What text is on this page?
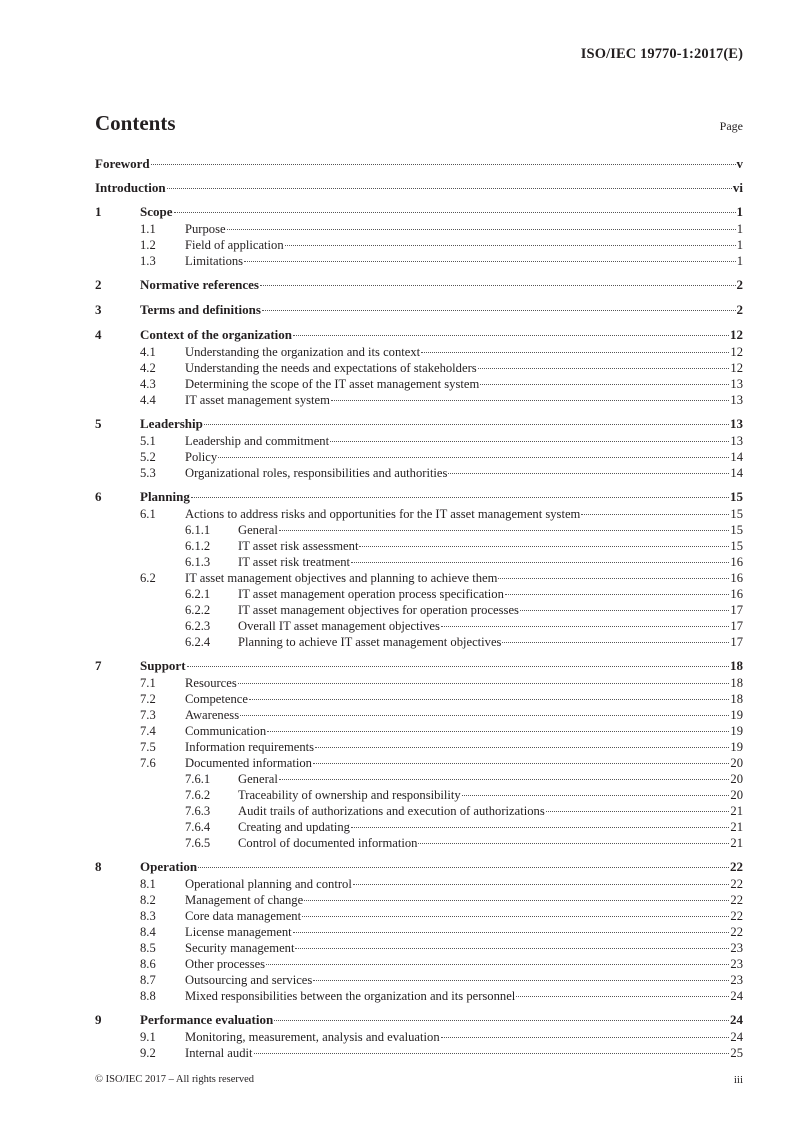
ISO/IEC 19770-1:2017(E)
Contents	Page
Foreword	v
Introduction	vi
1	Scope	1
1.1	Purpose	1
1.2	Field of application	1
1.3	Limitations	1
2	Normative references	2
3	Terms and definitions	2
4	Context of the organization	12
4.1	Understanding the organization and its context	12
4.2	Understanding the needs and expectations of stakeholders	12
4.3	Determining the scope of the IT asset management system	13
4.4	IT asset management system	13
5	Leadership	13
5.1	Leadership and commitment	13
5.2	Policy	14
5.3	Organizational roles, responsibilities and authorities	14
6	Planning	15
6.1	Actions to address risks and opportunities for the IT asset management system	15
6.1.1	General	15
6.1.2	IT asset risk assessment	15
6.1.3	IT asset risk treatment	16
6.2	IT asset management objectives and planning to achieve them	16
6.2.1	IT asset management operation process specification	16
6.2.2	IT asset management objectives for operation processes	17
6.2.3	Overall IT asset management objectives	17
6.2.4	Planning to achieve IT asset management objectives	17
7	Support	18
7.1	Resources	18
7.2	Competence	18
7.3	Awareness	19
7.4	Communication	19
7.5	Information requirements	19
7.6	Documented information	20
7.6.1	General	20
7.6.2	Traceability of ownership and responsibility	20
7.6.3	Audit trails of authorizations and execution of authorizations	21
7.6.4	Creating and updating	21
7.6.5	Control of documented information	21
8	Operation	22
8.1	Operational planning and control	22
8.2	Management of change	22
8.3	Core data management	22
8.4	License management	22
8.5	Security management	23
8.6	Other processes	23
8.7	Outsourcing and services	23
8.8	Mixed responsibilities between the organization and its personnel	24
9	Performance evaluation	24
9.1	Monitoring, measurement, analysis and evaluation	24
9.2	Internal audit	25
© ISO/IEC 2017 – All rights reserved	iii
